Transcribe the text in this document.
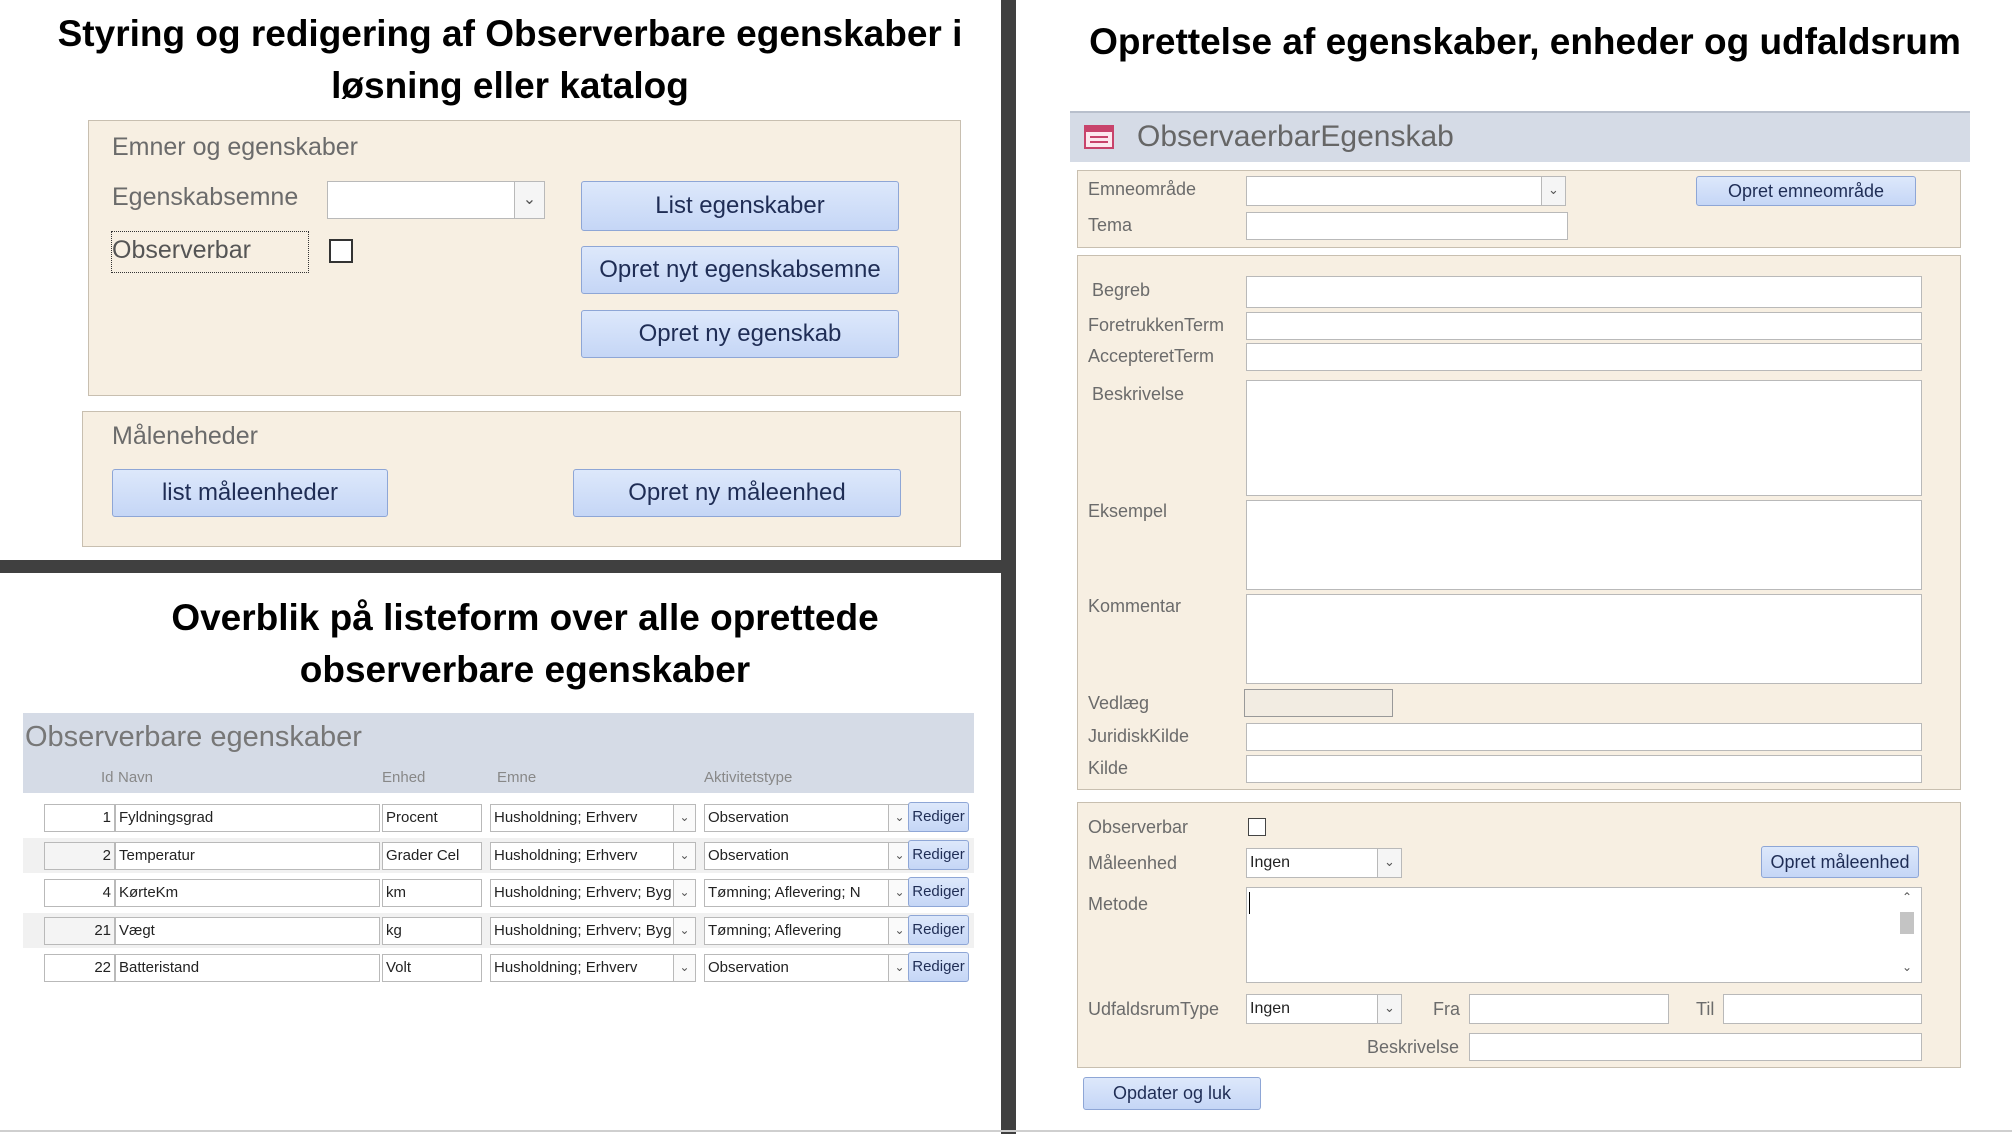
Styring og redigering af Observerbare egenskaber i løsning eller katalog
Emner og egenskaber
Egenskabsemne	⌄
Observerbar
List egenskaber
Opret nyt egenskabsemne
Opret ny egenskab
Måleneheder
list måleenheder	Opret ny måleenhed
Overblik på listeform over alle oprettede observerbare egenskaber
Observerbare egenskaber
Id Navn	Enhed	Emne	Aktivitetstype
1 Fyldningsgrad	Procent	Husholdning; Erhverv	⌄	Observation	⌄ Rediger
2 Temperatur	Grader Cel	Husholdning; Erhverv	⌄	Observation	⌄ Rediger
4 KørteKm	km	Husholdning; Erhverv; Byg ⌄	Tømning; Aflevering; N	⌄ Rediger
21 Vægt	kg	Husholdning; Erhverv; Byg ⌄	Tømning; Aflevering	⌄ Rediger
22 Batteristand	Volt	Husholdning; Erhverv	⌄	Observation	⌄ Rediger
Oprettelse af egenskaber, enheder og udfaldsrum
ObservaerbarEgenskab
Emneområde	⌄	Opret emneområde
Tema
Begreb
ForetrukkenTerm
AccepteretTerm
Beskrivelse
Eksempel
Kommentar
Vedlæg
JuridiskKilde
Kilde
Observerbar
Måleenhed	Ingen	⌄	Opret måleenhed
Metode	⌃
⌄
UdfaldsrumType Ingen	⌄	Fra	Til
Beskrivelse
Opdater og luk
